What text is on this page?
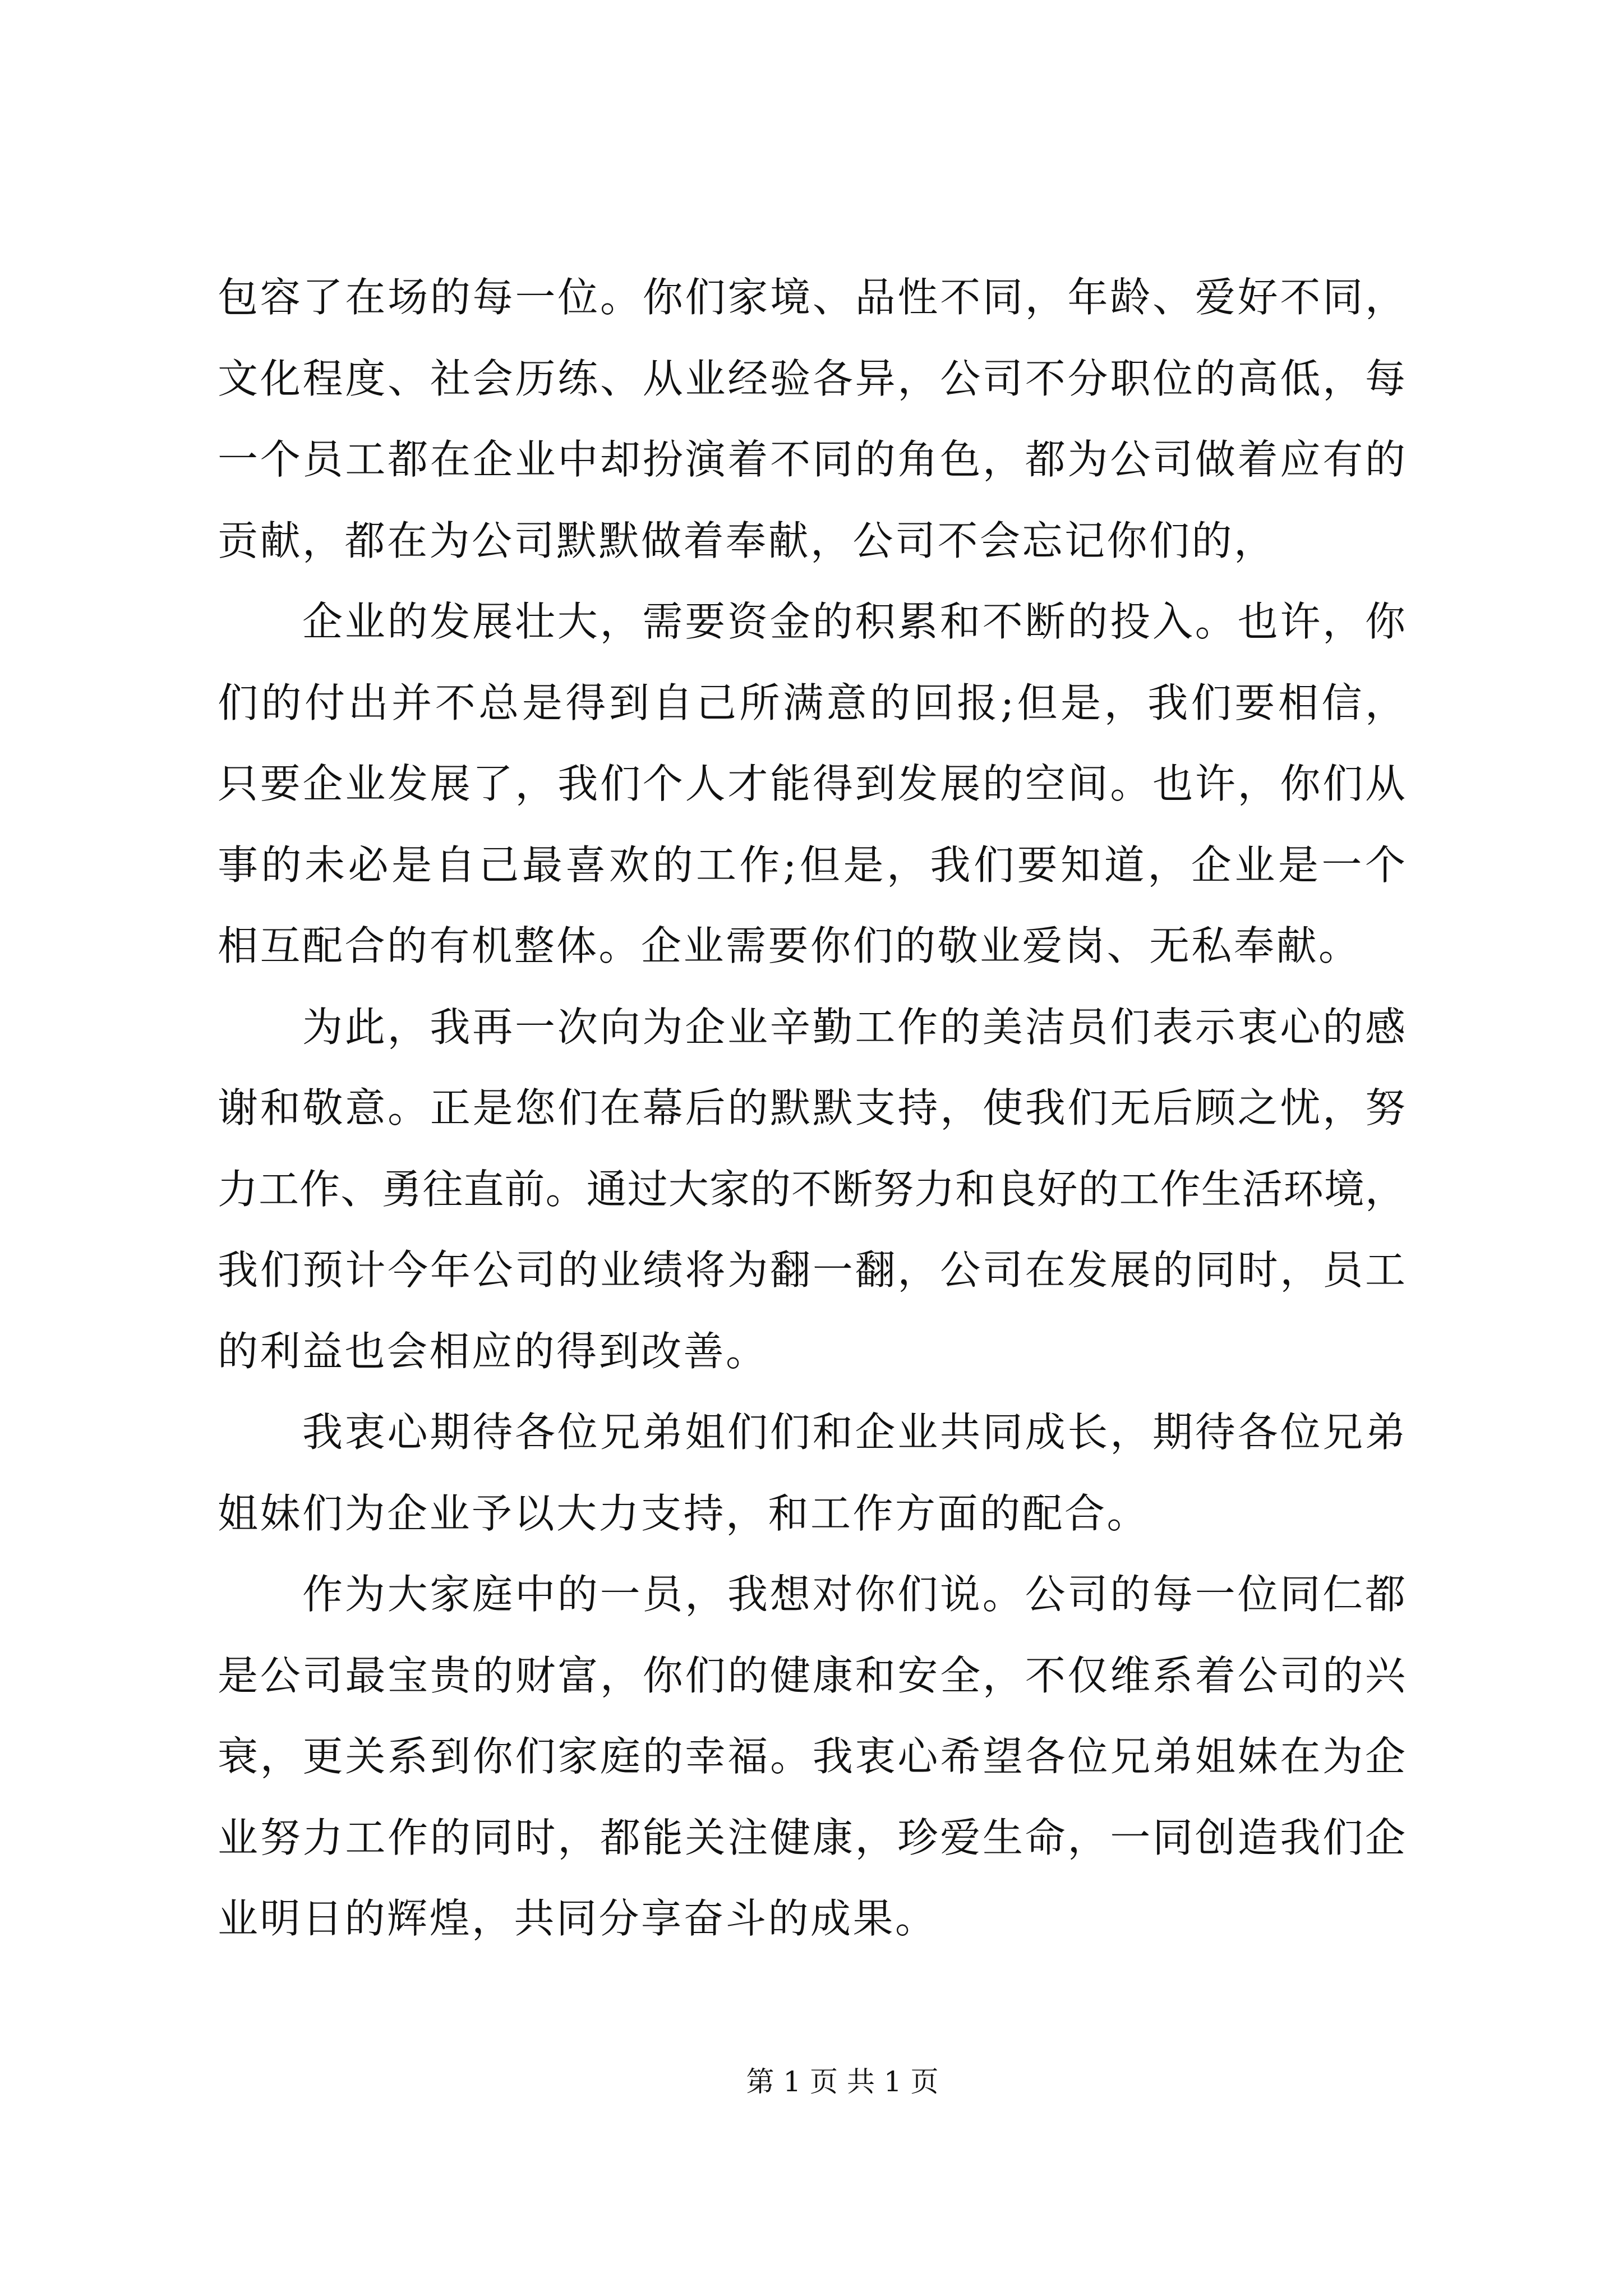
包容了在场的每一位。你们家境、品性不同，年龄、爱好不同，
文化程度、社会历练、从业经验各异，公司不分职位的高低，每
一个员工都在企业中却扮演着不同的角色，都为公司做着应有的
贡献，都在为公司默默做着奉献，公司不会忘记你们的，
企业的发展壮大，需要资金的积累和不断的投入。也许，你
们的付出并不总是得到自己所满意的回报;但是，我们要相信，
只要企业发展了，我们个人才能得到发展的空间。也许，你们从
事的未必是自己最喜欢的工作;但是，我们要知道，企业是一个
相互配合的有机整体。企业需要你们的敬业爱岗、无私奉献。
为此，我再一次向为企业辛勤工作的美洁员们表示衷心的感
谢和敬意。正是您们在幕后的默默支持，使我们无后顾之忧，努
力工作、勇往直前。通过大家的不断努力和良好的工作生活环境，
我们预计今年公司的业绩将为翻一翻，公司在发展的同时，员工
的利益也会相应的得到改善。
我衷心期待各位兄弟姐们们和企业共同成长，期待各位兄弟
姐妹们为企业予以大力支持，和工作方面的配合。
作为大家庭中的一员，我想对你们说。公司的每一位同仁都
是公司最宝贵的财富，你们的健康和安全，不仅维系着公司的兴
衰，更关系到你们家庭的幸福。我衷心希望各位兄弟姐妹在为企
业努力工作的同时，都能关注健康，珍爱生命，一同创造我们企
业明日的辉煌，共同分享奋斗的成果。
第 1 页 共 1 页
